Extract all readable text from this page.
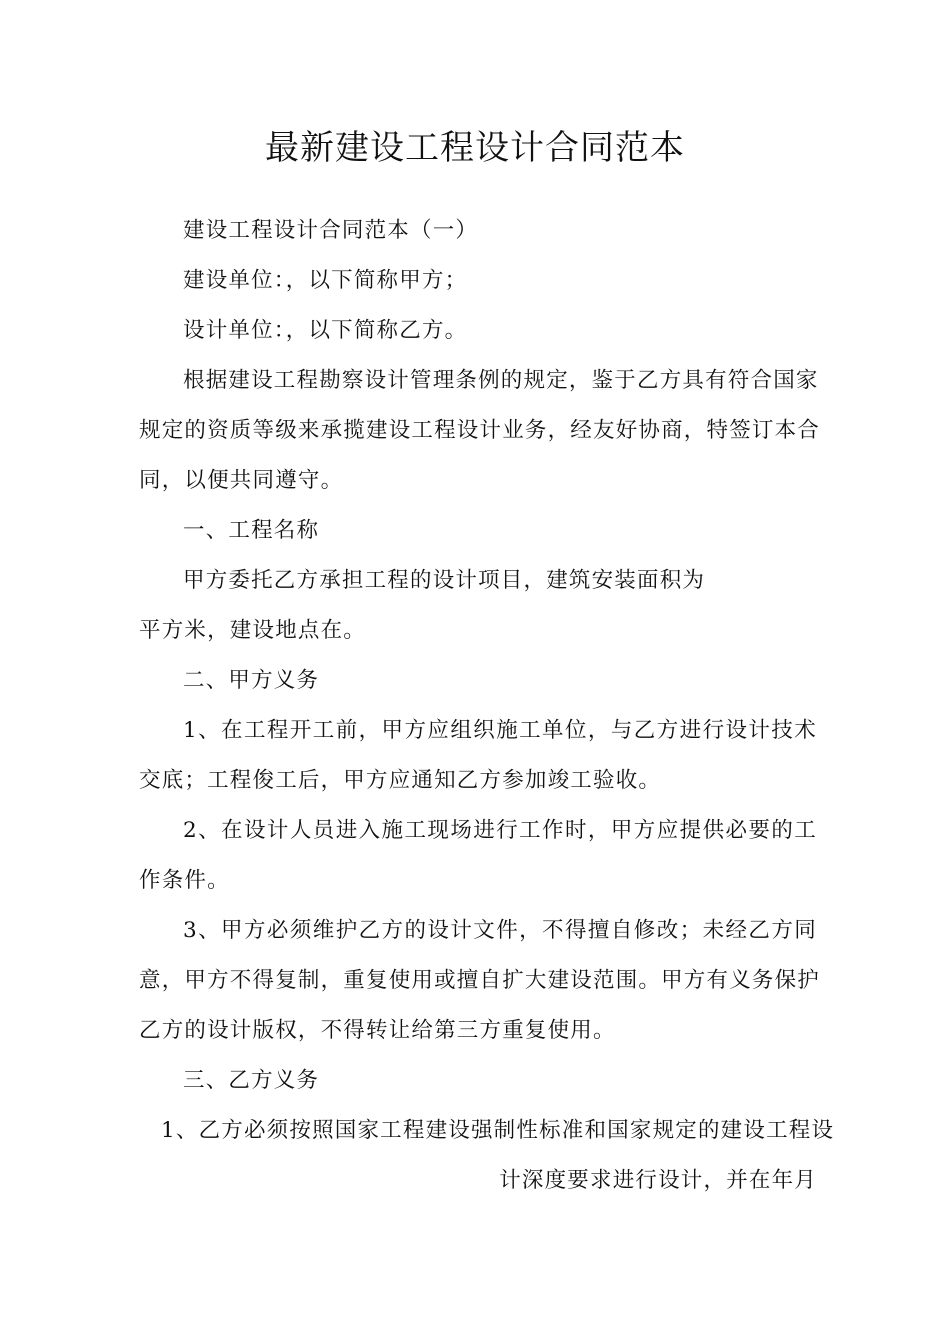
最新建设工程设计合同范本
建设工程设计合同范本（一）
建设单位：，以下简称甲方；
设计单位：，以下简称乙方。
根据建设工程勘察设计管理条例的规定，鉴于乙方具有符合国家
规定的资质等级来承揽建设工程设计业务，经友好协商，特签订本合
同，以便共同遵守。
一、工程名称
甲方委托乙方承担工程的设计项目，建筑安装面积为
平方米，建设地点在。
二、甲方义务
1、在工程开工前，甲方应组织施工单位，与乙方进行设计技术
交底；工程俊工后，甲方应通知乙方参加竣工验收。
2、在设计人员进入施工现场进行工作时，甲方应提供必要的工
作条件。
3、甲方必须维护乙方的设计文件，不得擅自修改；未经乙方同
意，甲方不得复制，重复使用或擅自扩大建设范围。甲方有义务保护
乙方的设计版权，不得转让给第三方重复使用。
三、乙方义务
1、乙方必须按照国家工程建设强制性标准和国家规定的建设工程设
计深度要求进行设计，并在年月
